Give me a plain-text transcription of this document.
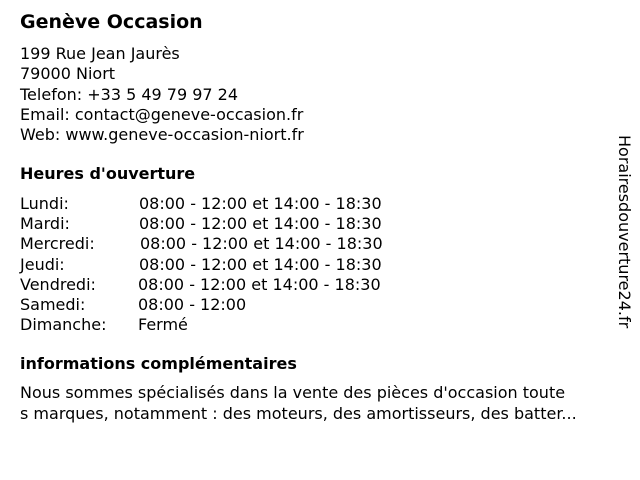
Genève Occasion
199 Rue Jean Jaurès
79000 Niort
Telefon: +33 5 49 79 97 24
Email: contact@geneve-occasion.fr
Web: www.geneve-occasion-niort.fr
Heures d'ouverture
Lundi:	08:00 - 12:00 et 14:00 - 18:30
Mardi:	08:00 - 12:00 et 14:00 - 18:30
Mercredi:	08:00 - 12:00 et 14:00 - 18:30
Jeudi:	08:00 - 12:00 et 14:00 - 18:30
Vendredi:	08:00 - 12:00 et 14:00 - 18:30
Samedi:	08:00 - 12:00
Dimanche: Fermé
informations complémentaires
Nous sommes spécialisés dans la vente des pièces d'occasion toute
s marques, notamment : des moteurs, des amortisseurs, des batter...
Horairesdouverture24.fr
